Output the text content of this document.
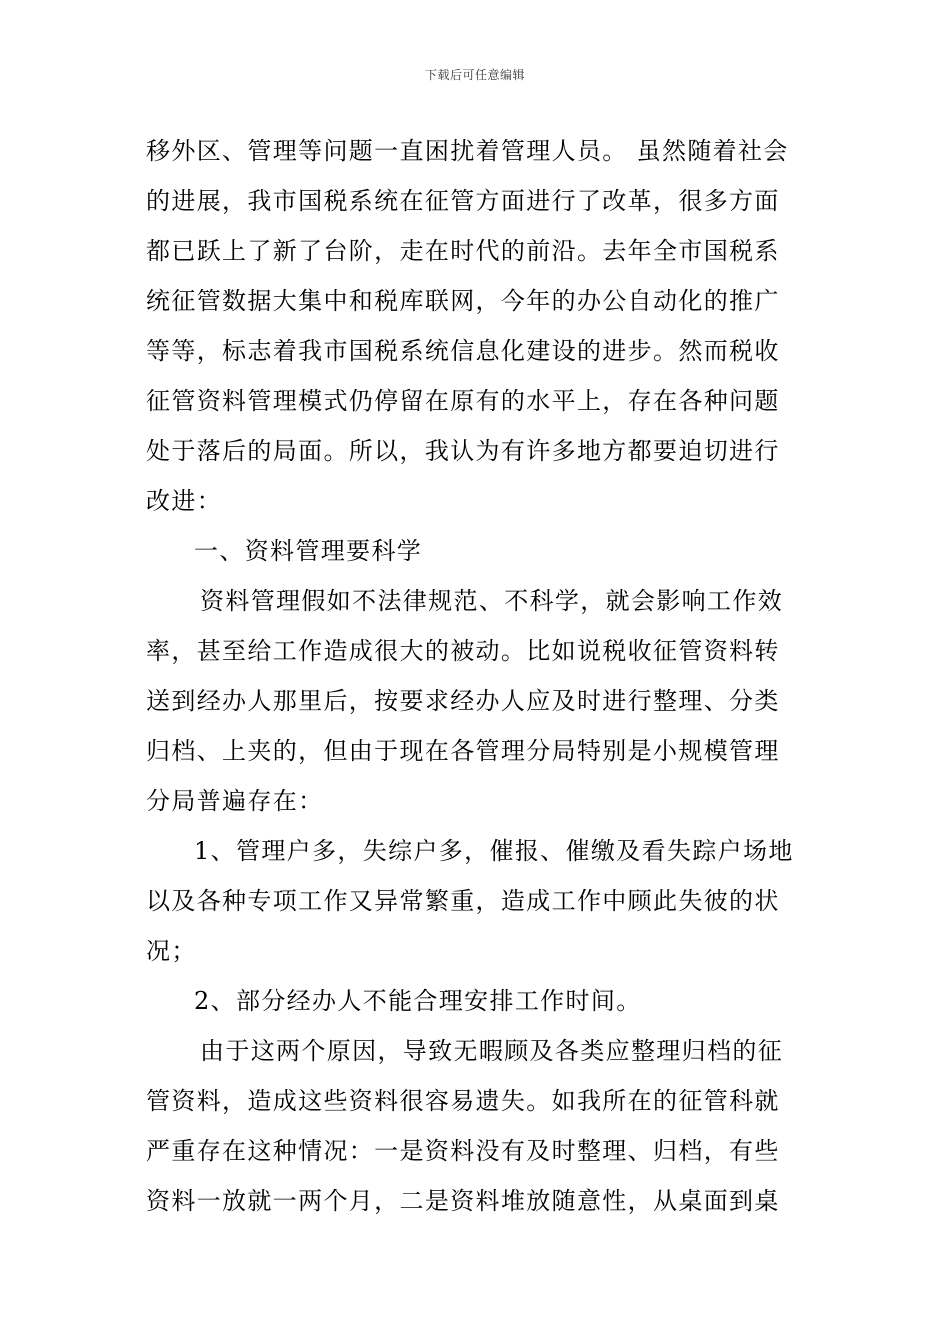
下载后可任意编辑
移外区、管理等问题一直困扰着管理人员。 虽然随着社会
的进展，我市国税系统在征管方面进行了改革，很多方面
都已跃上了新了台阶，走在时代的前沿。去年全市国税系
统征管数据大集中和税库联网，今年的办公自动化的推广
等等，标志着我市国税系统信息化建设的进步。然而税收
征管资料管理模式仍停留在原有的水平上，存在各种问题
处于落后的局面。所以，我认为有许多地方都要迫切进行
改进：
一、资料管理要科学
资料管理假如不法律规范、不科学，就会影响工作效
率，甚至给工作造成很大的被动。比如说税收征管资料转
送到经办人那里后，按要求经办人应及时进行整理、分类
归档、上夹的，但由于现在各管理分局特别是小规模管理
分局普遍存在：
1、管理户多，失综户多，催报、催缴及看失踪户场地
以及各种专项工作又异常繁重，造成工作中顾此失彼的状
况；
2、部分经办人不能合理安排工作时间。
由于这两个原因，导致无暇顾及各类应整理归档的征
管资料，造成这些资料很容易遗失。如我所在的征管科就
严重存在这种情况：一是资料没有及时整理、归档，有些
资料一放就一两个月，二是资料堆放随意性，从桌面到桌
